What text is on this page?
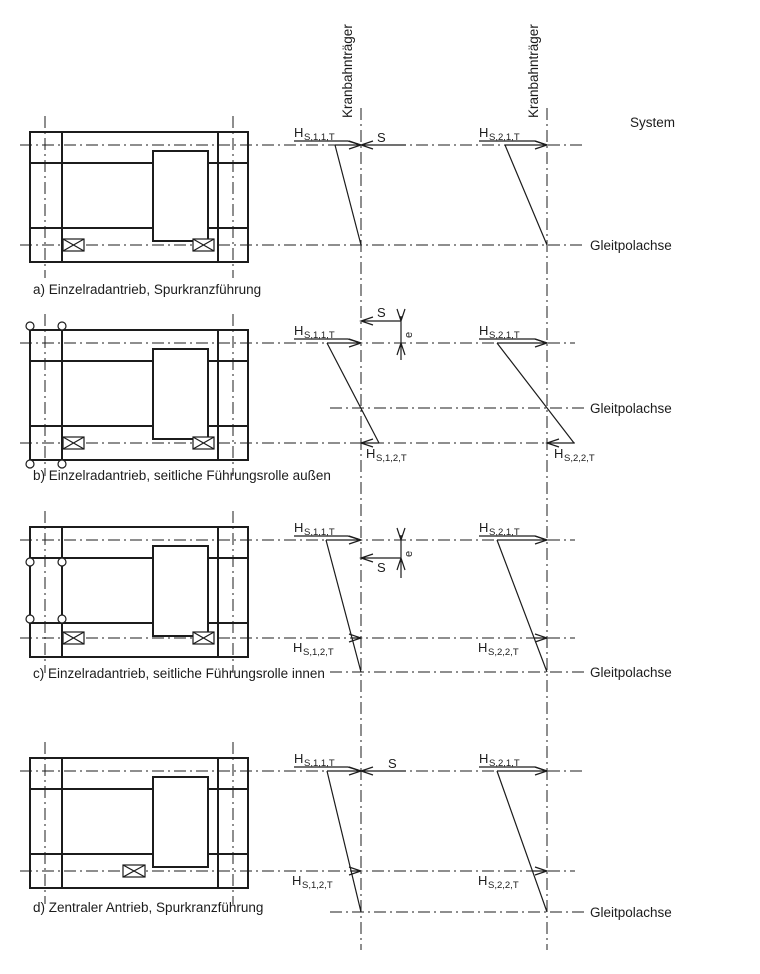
Kranbahnträger	Kranbahnträger
System
H S,1,1,T	S	H S,2,1,T
Gleitpolachse
a) Einzelradantrieb, Spurkranzführung
H S,1,1,T
H S,1,2,T
S
e	H S,2,1,T
H S,2,2,T
Gleitpolachse
b) Einzelradantrieb, seitliche Führungsrolle außen
H S,1,1,T
H S,1,2,T
S
e
H S,2,1,T
H S,2,2,T
Gleitpolachse
c) Einzelradantrieb, seitliche Führungsrolle innen
H S,1,1,T
H S,1,2,T
S	H S,2,1,T
H S,2,2,T
Gleitpolachse
d) Zentraler Antrieb, Spurkranzführung
